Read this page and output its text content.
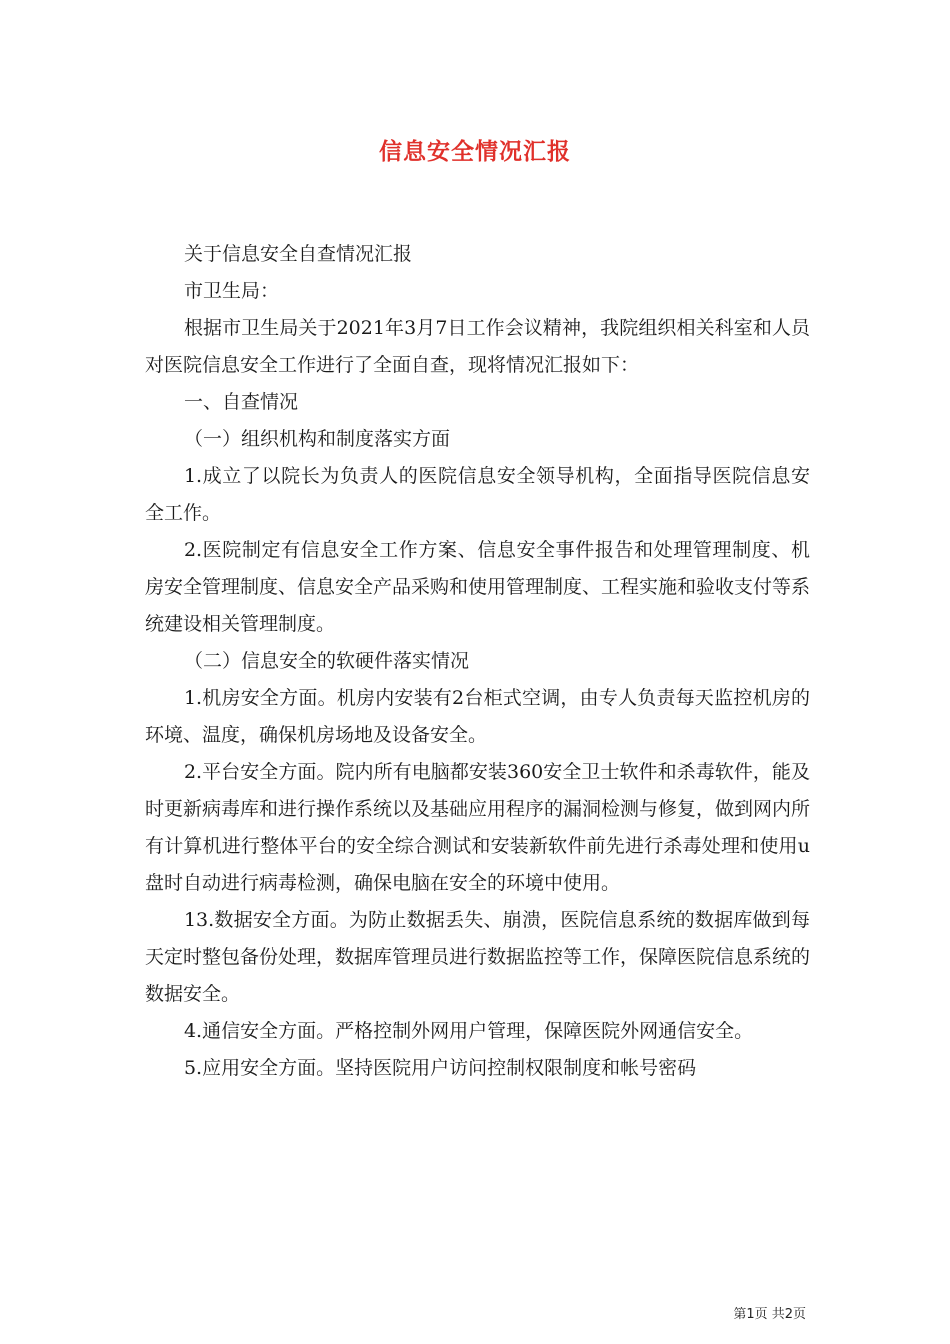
信息安全情况汇报

关于信息安全自查情况汇报

市卫生局：

根据市卫生局关于2021年3月7日工作会议精神，我院组织相关科室和人员对医院信息安全工作进行了全面自查，现将情况汇报如下：

一、自查情况

（一）组织机构和制度落实方面

1.成立了以院长为负责人的医院信息安全领导机构，全面指导医院信息安全工作。

2.医院制定有信息安全工作方案、信息安全事件报告和处理管理制度、机房安全管理制度、信息安全产品采购和使用管理制度、工程实施和验收支付等系统建设相关管理制度。

（二）信息安全的软硬件落实情况

1.机房安全方面。机房内安装有2台柜式空调，由专人负责每天监控机房的环境、温度，确保机房场地及设备安全。

2.平台安全方面。院内所有电脑都安装360安全卫士软件和杀毒软件，能及时更新病毒库和进行操作系统以及基础应用程序的漏洞检测与修复，做到网内所有计算机进行整体平台的安全综合测试和安装新软件前先进行杀毒处理和使用u盘时自动进行病毒检测，确保电脑在安全的环境中使用。

13.数据安全方面。为防止数据丢失、崩溃，医院信息系统的数据库做到每天定时整包备份处理，数据库管理员进行数据监控等工作，保障医院信息系统的数据安全。

4.通信安全方面。严格控制外网用户管理，保障医院外网通信安全。

5.应用安全方面。坚持医院用户访问控制权限制度和帐号密码

第1页 共2页
